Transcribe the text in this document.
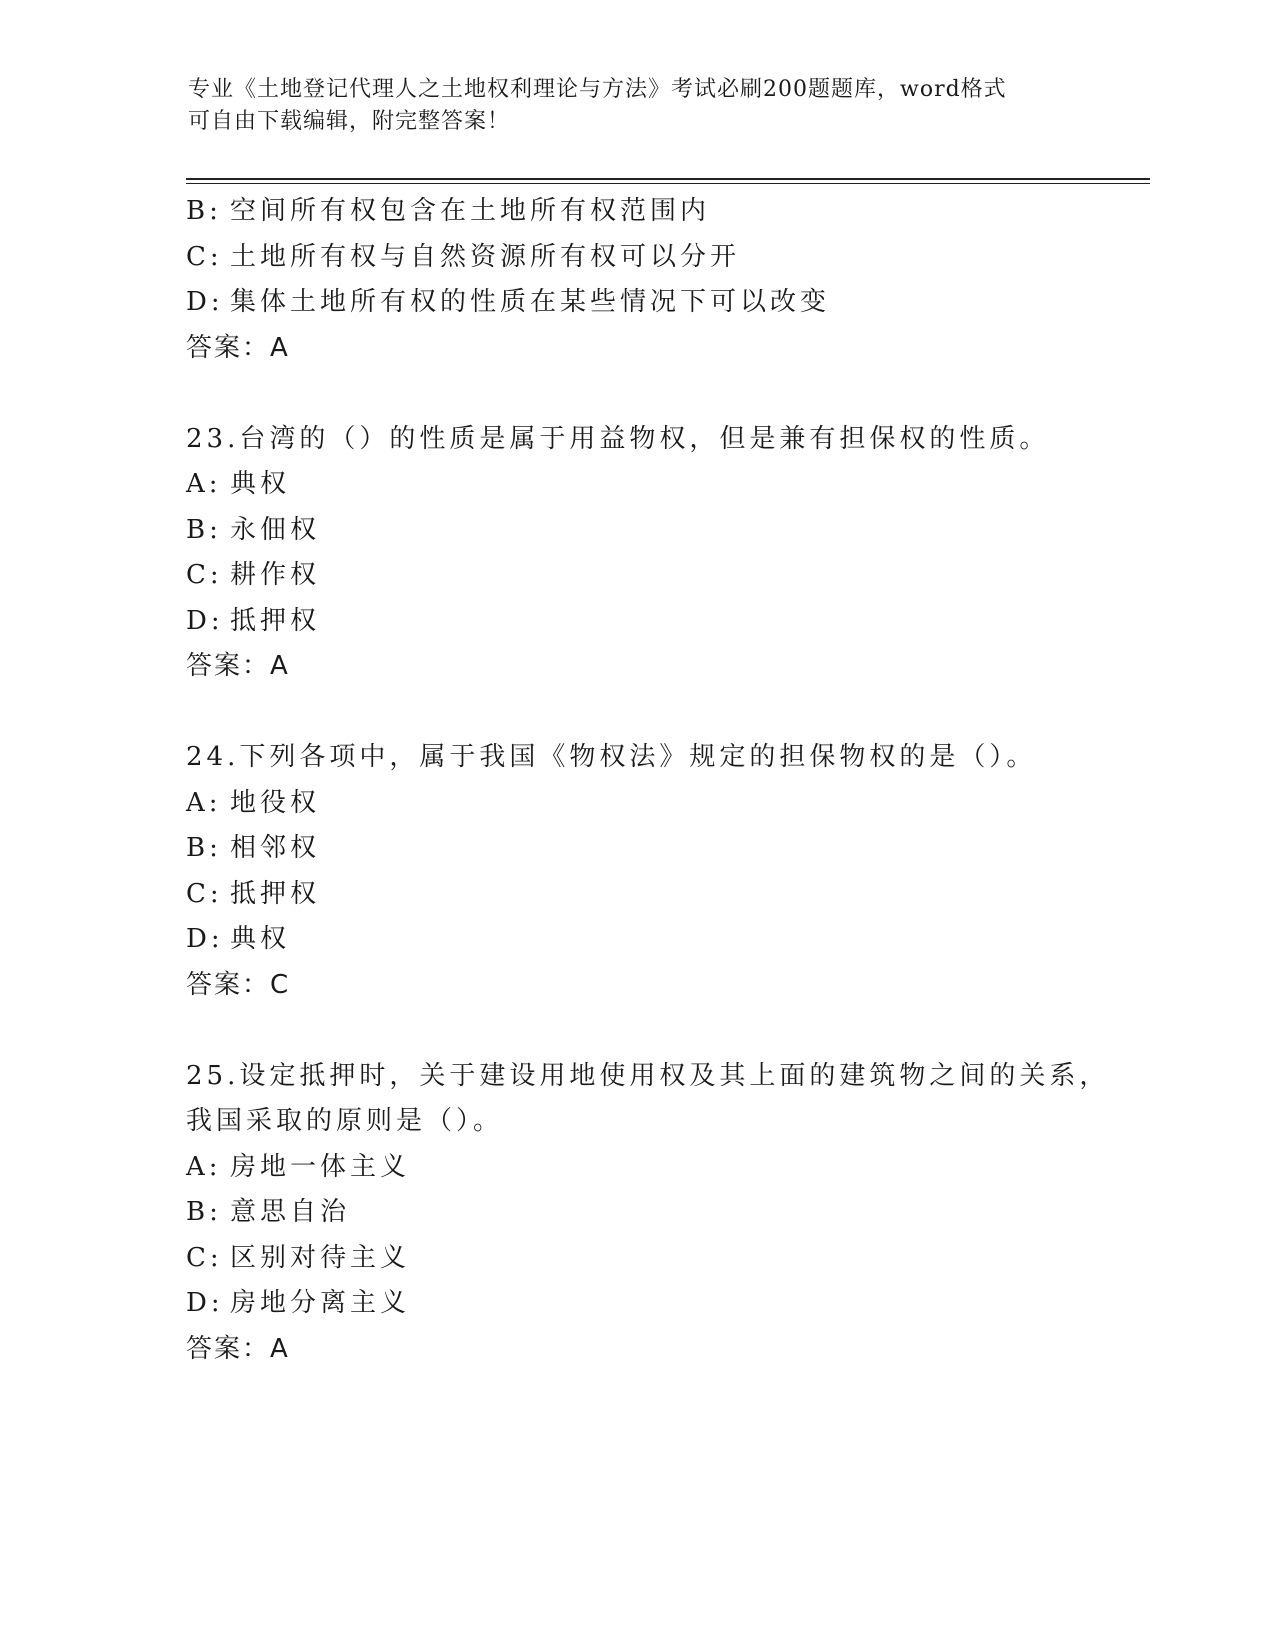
专业《土地登记代理人之土地权利理论与方法》考试必刷200题题库，word格式
可自由下载编辑，附完整答案！
B: 空间所有权包含在土地所有权范围内
C: 土地所有权与自然资源所有权可以分开
D: 集体土地所有权的性质在某些情况下可以改变
答案：A
23.台湾的（）的性质是属于用益物权，但是兼有担保权的性质。
A: 典权
B: 永佃权
C: 耕作权
D: 抵押权
答案：A
24.下列各项中，属于我国《物权法》规定的担保物权的是（）。
A: 地役权
B: 相邻权
C: 抵押权
D: 典权
答案：C
25.设定抵押时，关于建设用地使用权及其上面的建筑物之间的关系，
我国采取的原则是（）。
A: 房地一体主义
B: 意思自治
C: 区别对待主义
D: 房地分离主义
答案：A
